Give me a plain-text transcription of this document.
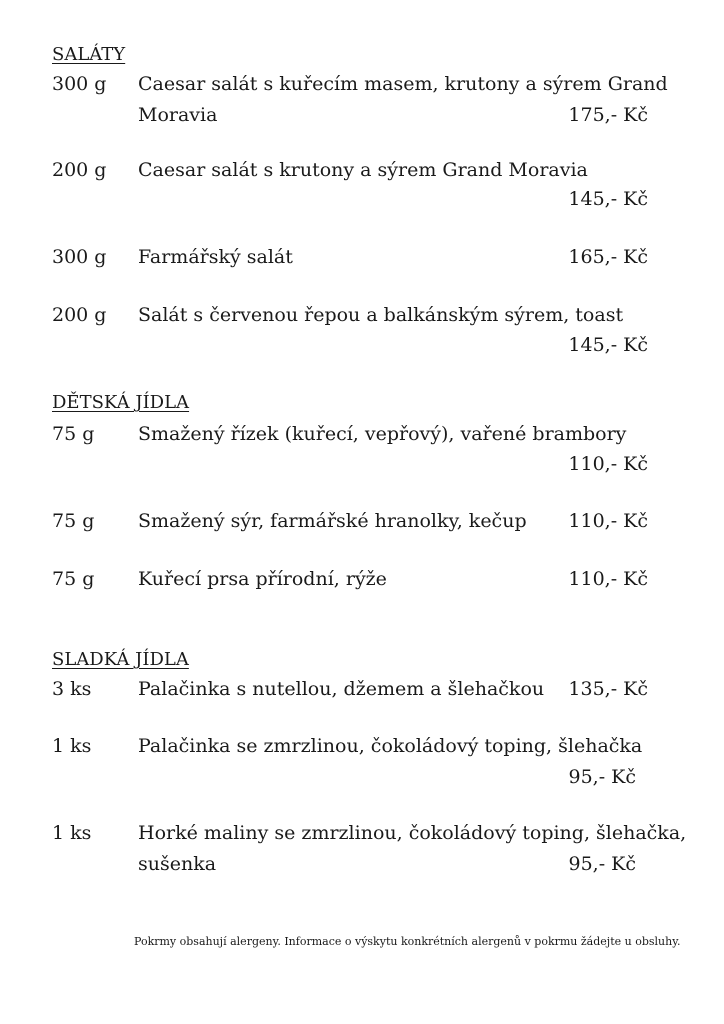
SALÁTY
300 g Caesar salát s kuřecím masem, krutony a sýrem Grand
Moravia	175,- Kč
200 g Caesar salát s krutony a sýrem Grand Moravia
145,- Kč
300 g Farmářský salát	165,- Kč
200 g Salát s červenou řepou a balkánským sýrem, toast
145,- Kč
DĚTSKÁ JÍDLA
75 g Smažený řízek (kuřecí, vepřový), vařené brambory
110,- Kč
75 g Smažený sýr, farmářské hranolky, kečup	110,- Kč
75 g Kuřecí prsa přírodní, rýže	110,- Kč
SLADKÁ JÍDLA
3 ks Palačinka s nutellou, džemem a šlehačkou	135,- Kč
1 ks Palačinka se zmrzlinou, čokoládový toping, šlehačka
95,- Kč
1 ks Horké maliny se zmrzlinou, čokoládový toping, šlehačka,
sušenka	95,- Kč
Pokrmy obsahují alergeny. Informace o výskytu konkrétních alergenů v pokrmu žádejte u obsluhy.
